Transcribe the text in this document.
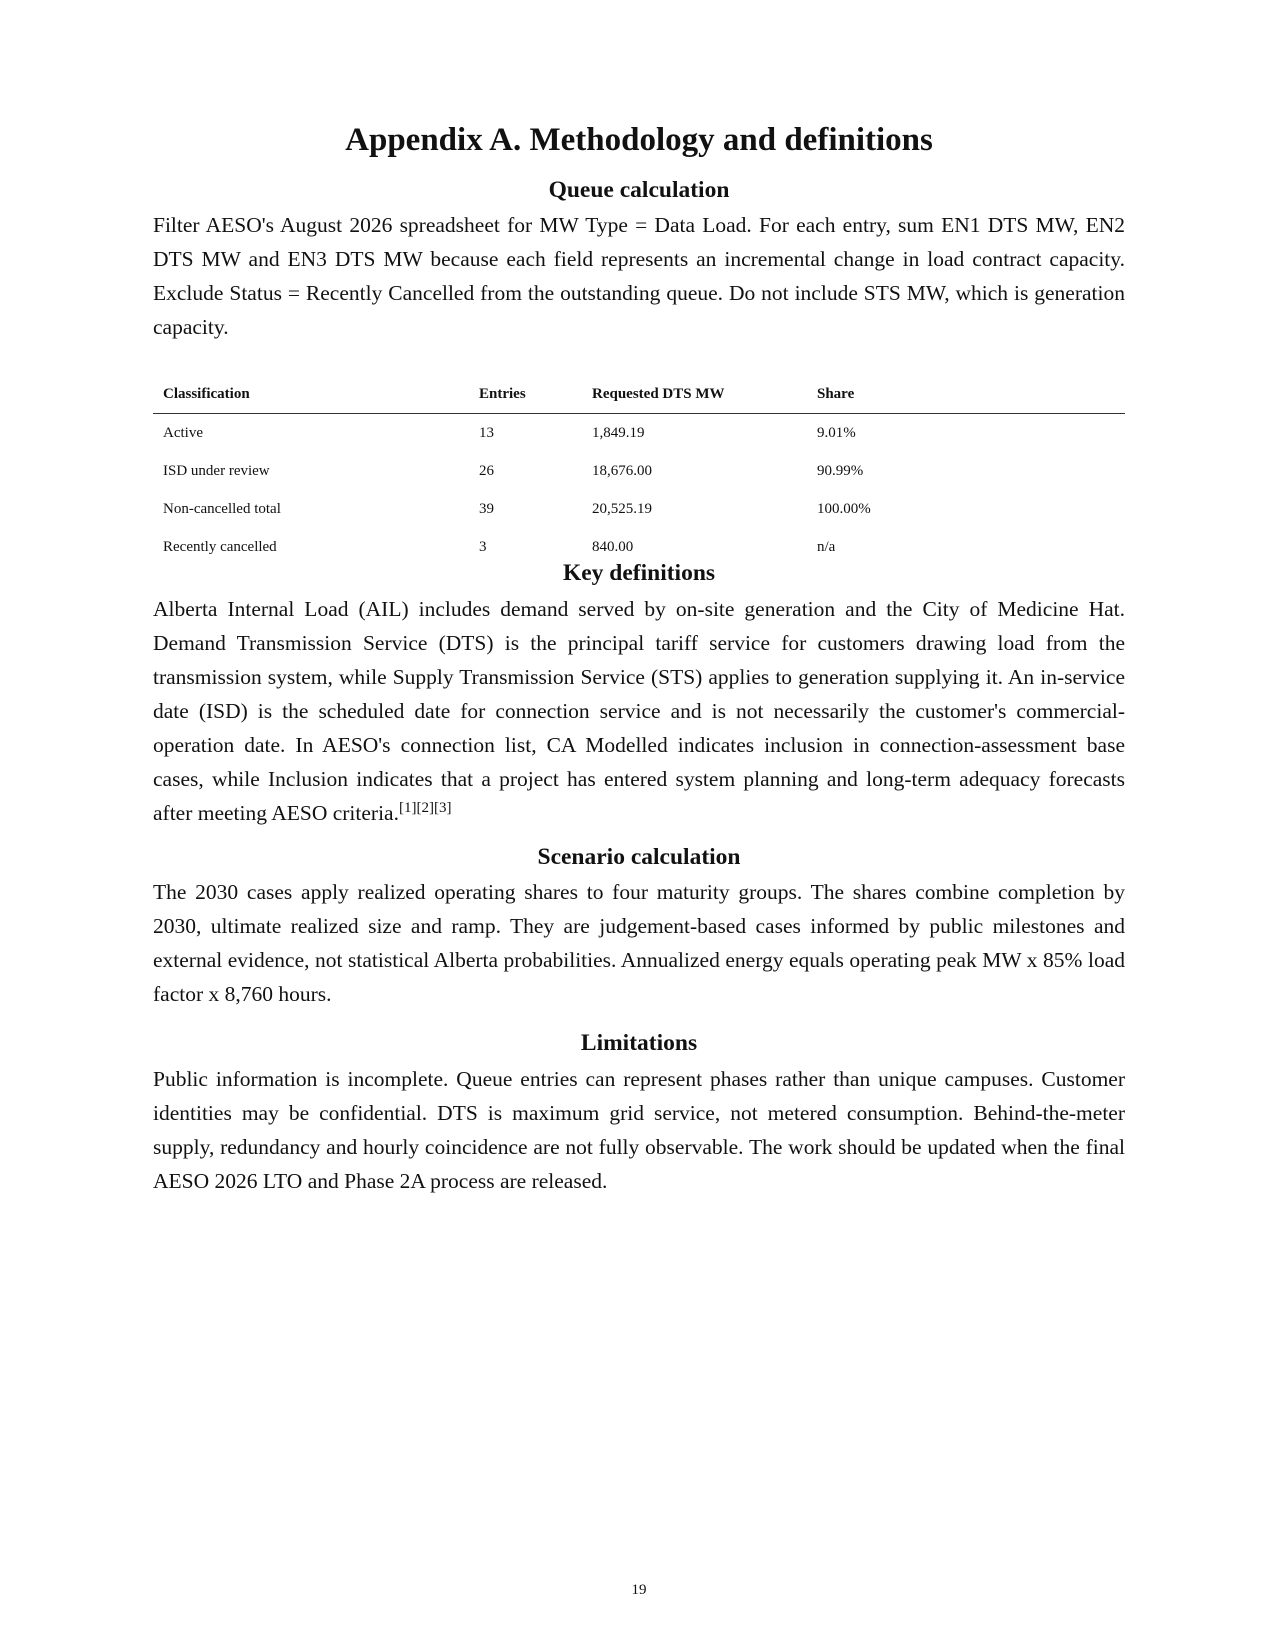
Appendix A. Methodology and definitions
Queue calculation

Filter AESO's August 2026 spreadsheet for MW Type = Data Load. For each entry, sum EN1 DTS MW, EN2 DTS MW and EN3 DTS MW because each field represents an incremental change in load contract capacity. Exclude Status = Recently Cancelled from the outstanding queue. Do not include STS MW, which is generation capacity.

Classification	Entries	Requested DTS MW	Share
Active	13	1,849.19	9.01%
ISD under review	26	18,676.00	90.99%
Non-cancelled total	39	20,525.19	100.00%
Recently cancelled	3	840.00	n/a
Key definitions

Alberta Internal Load (AIL) includes demand served by on-site generation and the City of Medicine Hat. Demand Transmission Service (DTS) is the principal tariff service for customers drawing load from the transmission system, while Supply Transmission Service (STS) applies to generation supplying it. An in-service date (ISD) is the scheduled date for connection service and is not necessarily the customer's commercial-operation date. In AESO's connection list, CA Modelled indicates inclusion in connection-assessment base cases, while Inclusion indicates that a project has entered system planning and long-term adequacy forecasts after meeting AESO criteria.[1][2][3]

Scenario calculation

The 2030 cases apply realized operating shares to four maturity groups. The shares combine completion by 2030, ultimate realized size and ramp. They are judgement-based cases informed by public milestones and external evidence, not statistical Alberta probabilities. Annualized energy equals operating peak MW x 85% load factor x 8,760 hours.

Limitations

Public information is incomplete. Queue entries can represent phases rather than unique campuses. Customer identities may be confidential. DTS is maximum grid service, not metered consumption. Behind-the-meter supply, redundancy and hourly coincidence are not fully observable. The work should be updated when the final AESO 2026 LTO and Phase 2A process are released.

19
